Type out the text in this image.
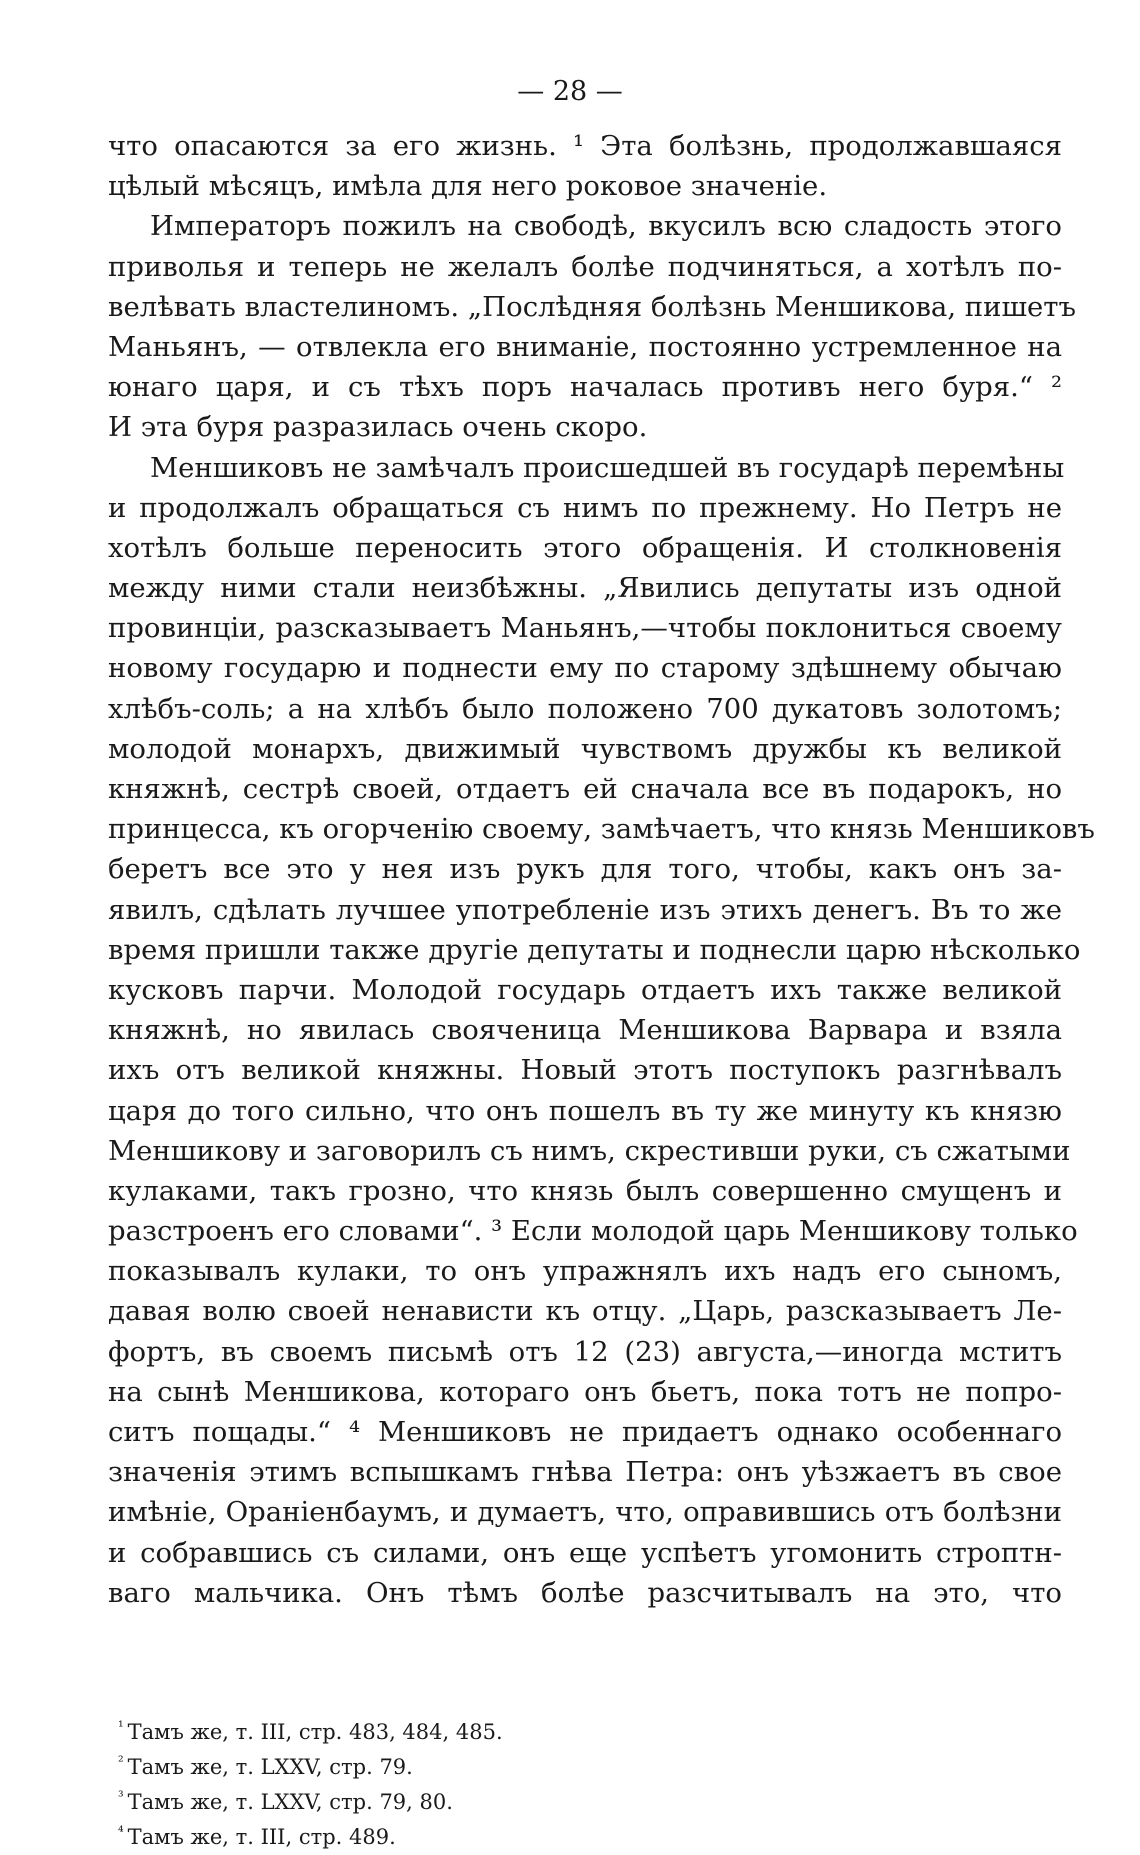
— 28 —
что опасаются за его жизнь. ¹ Эта болѣзнь, продолжавшаяся
цѣлый мѣсяцъ, имѣла для него роковое значеніе.
Императоръ пожилъ на свободѣ, вкусилъ всю сладость этого
приволья и теперь не желалъ болѣе подчиняться, а хотѣлъ по-
велѣвать властелиномъ. „Послѣдняя болѣзнь Меншикова, пишетъ
Маньянъ, — отвлекла его вниманіе, постоянно устремленное на
юнаго царя, и съ тѣхъ поръ началась противъ него буря.“ ²
И эта буря разразилась очень скоро.
Меншиковъ не замѣчалъ происшедшей въ государѣ перемѣны
и продолжалъ обращаться съ нимъ по прежнему. Но Петръ не
хотѣлъ больше переносить этого обращенія. И столкновенія
между ними стали неизбѣжны. „Явились депутаты изъ одной
провинціи, разсказываетъ Маньянъ,—чтобы поклониться своему
новому государю и поднести ему по старому здѣшнему обычаю
хлѣбъ-соль; а на хлѣбъ было положено 700 дукатовъ золотомъ;
молодой монархъ, движимый чувствомъ дружбы къ великой
княжнѣ, сестрѣ своей, отдаетъ ей сначала все въ подарокъ, но
принцесса, къ огорченію своему, замѣчаетъ, что князь Меншиковъ
беретъ все это у нея изъ рукъ для того, чтобы, какъ онъ за-
явилъ, сдѣлать лучшее употребленіе изъ этихъ денегъ. Въ то же
время пришли также другіе депутаты и поднесли царю нѣсколько
кусковъ парчи. Молодой государь отдаетъ ихъ также великой
княжнѣ, но явилась свояченица Меншикова Варвара и взяла
ихъ отъ великой княжны. Новый этотъ поступокъ разгнѣвалъ
царя до того сильно, что онъ пошелъ въ ту же минуту къ князю
Меншикову и заговорилъ съ нимъ, скрестивши руки, съ сжатыми
кулаками, такъ грозно, что князь былъ совершенно смущенъ и
разстроенъ его словами“. ³ Если молодой царь Меншикову только
показывалъ кулаки, то онъ упражнялъ ихъ надъ его сыномъ,
давая волю своей ненависти къ отцу. „Царь, разсказываетъ Ле-
фортъ, въ своемъ письмѣ отъ 12 (23) августа,—иногда мститъ
на сынѣ Меншикова, котораго онъ бьетъ, пока тотъ не попро-
ситъ пощады.“ ⁴ Меншиковъ не придаетъ однако особеннаго
значенія этимъ вспышкамъ гнѣва Петра: онъ уѣзжаетъ въ свое
имѣніе, Ораніенбаумъ, и думаетъ, что, оправившись отъ болѣзни
и собравшись съ силами, онъ еще успѣетъ угомонить строптн-
ваго мальчика. Онъ тѣмъ болѣе разсчитывалъ на это, что
$^{^1}$ Тамъ же, т. III, стр. 483, 484, 485.
$^{^2}$ Тамъ же, т. LXXV, стр. 79.
$^{^3}$ Тамъ же, т. LXXV, стр. 79, 80.
$^{^4}$ Тамъ же, т. III, стр. 489.
